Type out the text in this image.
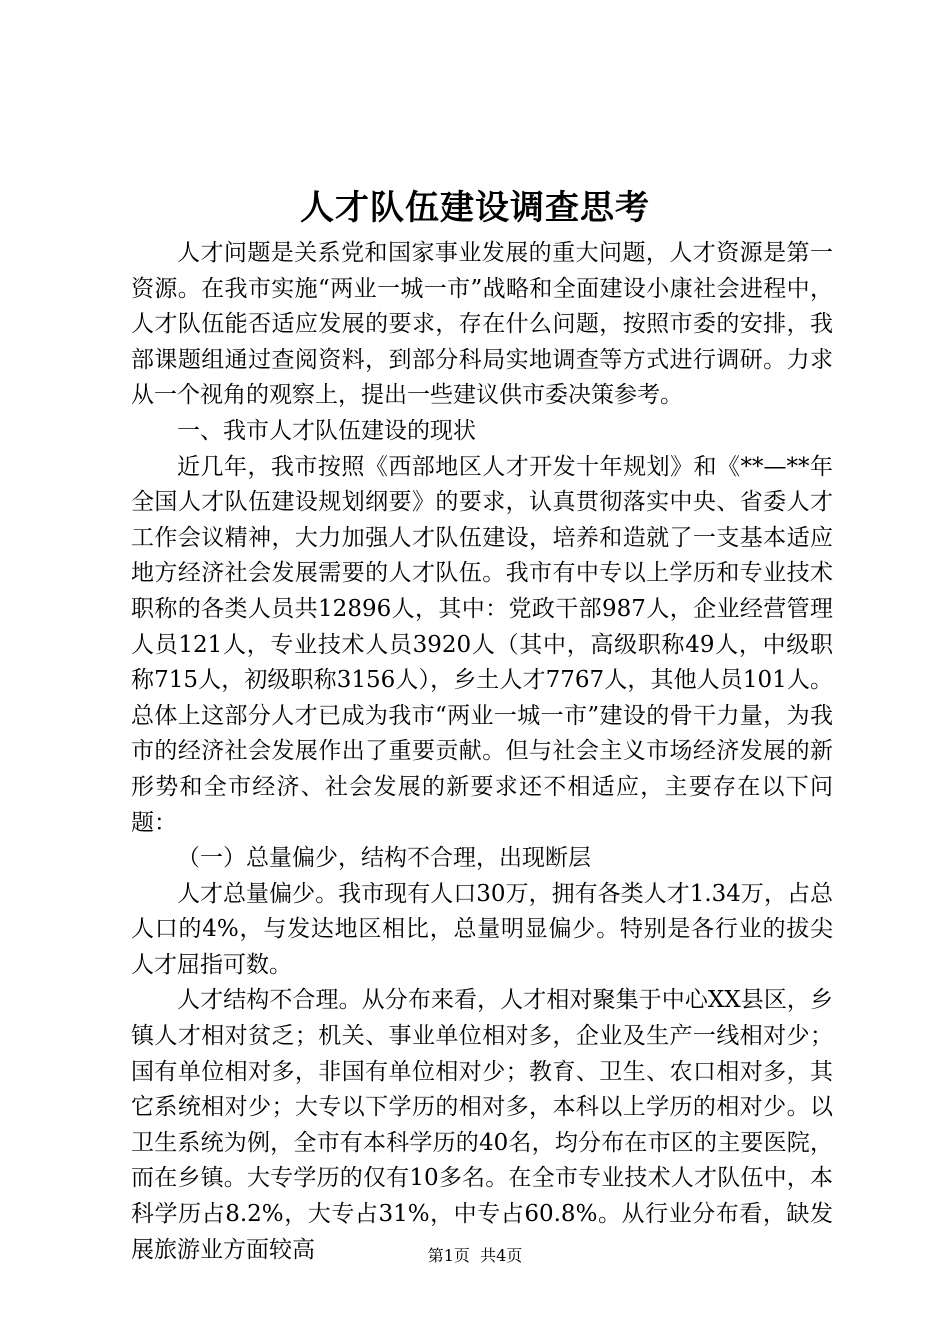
人才队伍建设调查思考

人才问题是关系党和国家事业发展的重大问题，人才资源是第一资源。在我市实施“两业一城一市”战略和全面建设小康社会进程中，人才队伍能否适应发展的要求，存在什么问题，按照市委的安排，我部课题组通过查阅资料，到部分科局实地调查等方式进行调研。力求从一个视角的观察上，提出一些建议供市委决策参考。

一、我市人才队伍建设的现状

近几年，我市按照《西部地区人才开发十年规划》和《**—**年全国人才队伍建设规划纲要》的要求，认真贯彻落实中央、省委人才工作会议精神，大力加强人才队伍建设，培养和造就了一支基本适应地方经济社会发展需要的人才队伍。我市有中专以上学历和专业技术职称的各类人员共12896人，其中：党政干部987人，企业经营管理人员121人，专业技术人员3920人（其中，高级职称49人，中级职称715人，初级职称3156人），乡土人才7767人，其他人员101人。总体上这部分人才已成为我市“两业一城一市”建设的骨干力量，为我市的经济社会发展作出了重要贡献。但与社会主义市场经济发展的新形势和全市经济、社会发展的新要求还不相适应，主要存在以下问题：

（一）总量偏少，结构不合理，出现断层

人才总量偏少。我市现有人口30万，拥有各类人才1.34万，占总人口的4%，与发达地区相比，总量明显偏少。特别是各行业的拔尖人才屈指可数。

人才结构不合理。从分布来看，人才相对聚集于中心XX县区，乡镇人才相对贫乏；机关、事业单位相对多，企业及生产一线相对少；国有单位相对多，非国有单位相对少；教育、卫生、农口相对多，其它系统相对少；大专以下学历的相对多，本科以上学历的相对少。以卫生系统为例，全市有本科学历的40名，均分布在市区的主要医院，而在乡镇。大专学历的仅有10多名。在全市专业技术人才队伍中，本科学历占8.2%，大专占31%，中专占60.8%。从行业分布看，缺发展旅游业方面较高	第1页 共4页
